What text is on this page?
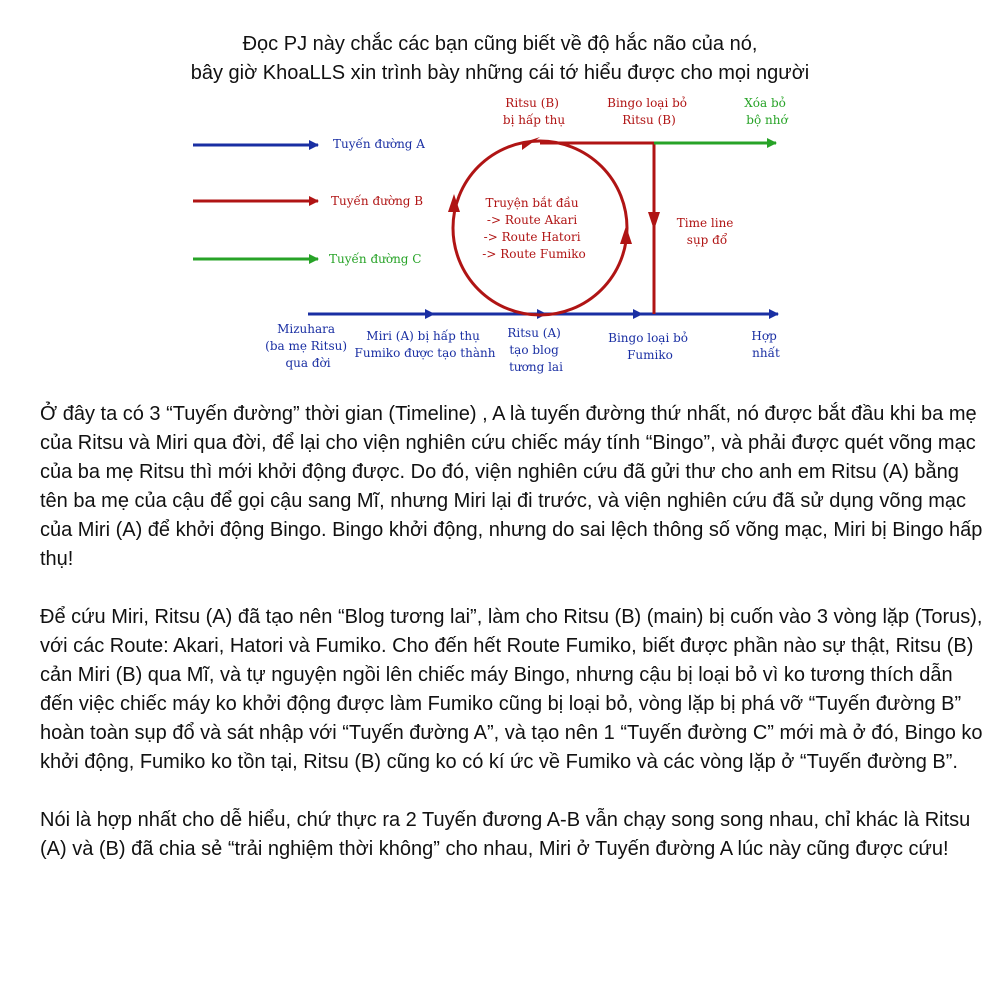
Đọc PJ này chắc các bạn cũng biết về độ hắc não của nó,
bây giờ KhoaLLS xin trình bày những cái tớ hiểu được cho mọi người
Tuyến đường A
Tuyến đường B
Tuyến đường C
Truyện bắt đầu -> Route Akari -> Route Hatori -> Route Fumiko
Ritsu (B) bị hấp thụ
Bingo loại bỏ Ritsu (B)
Xóa bỏ bộ nhớ
Time line sụp đổ
Mizuhara (ba mẹ Ritsu) qua đời
Miri (A) bị hấp thụ Fumiko được tạo thành
Ritsu (A) tạo blog tương lai
Bingo loại bỏ Fumiko
Hợp nhất

Ở đây ta có 3 “Tuyến đường” thời gian (Timeline) , A là tuyến đường thứ nhất, nó được bắt đầu khi ba mẹ của Ritsu và Miri qua đời, để lại cho viện nghiên cứu chiếc máy tính “Bingo”, và phải được quét võng mạc của ba mẹ Ritsu thì mới khởi động được. Do đó, viện nghiên cứu đã gửi thư cho anh em Ritsu (A) bằng tên ba mẹ của cậu để gọi cậu sang Mĩ, nhưng Miri lại đi trước, và viện nghiên cứu đã sử dụng võng mạc của Miri (A) để khởi động Bingo. Bingo khởi động, nhưng do sai lệch thông số võng mạc, Miri bị Bingo hấp thụ!

Để cứu Miri, Ritsu (A) đã tạo nên “Blog tương lai”, làm cho Ritsu (B) (main) bị cuốn vào 3 vòng lặp (Torus), với các Route: Akari, Hatori và Fumiko. Cho đến hết Route Fumiko, biết được phần nào sự thật, Ritsu (B) cản Miri (B) qua Mĩ, và tự nguyện ngồi lên chiếc máy Bingo, nhưng cậu bị loại bỏ vì ko tương thích dẫn đến việc chiếc máy ko khởi động được làm Fumiko cũng bị loại bỏ, vòng lặp bị phá vỡ “Tuyến đường B” hoàn toàn sụp đổ và sát nhập với “Tuyến đường A”, và tạo nên 1 “Tuyến đường C” mới mà ở đó, Bingo ko khởi động, Fumiko ko tồn tại, Ritsu (B) cũng ko có kí ức về Fumiko và các vòng lặp ở “Tuyến đường B”.

Nói là hợp nhất cho dễ hiểu, chứ thực ra 2 Tuyến đương A-B vẫn chạy song song nhau, chỉ khác là Ritsu (A) và (B) đã chia sẻ “trải nghiệm thời không” cho nhau, Miri ở Tuyến đường A lúc này cũng được cứu!
